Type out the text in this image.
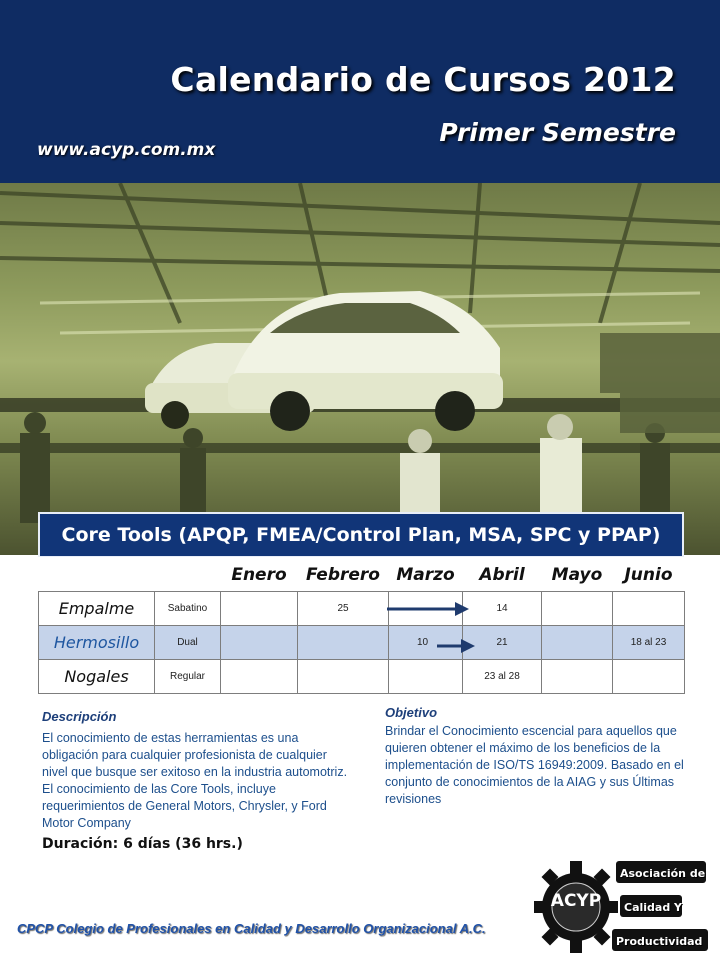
Calendario de Cursos 2012
Primer Semestre
www.acyp.com.mx
Core Tools (APQP, FMEA/Control Plan, MSA, SPC y PPAP)
		Enero	Febrero	Marzo	Abril	Mayo	Junio
Empalme	Sabatino		25		14		
Hermosillo	Dual			10	21		18 al 23
Nogales	Regular				23 al 28		
Descripción
El conocimiento de estas herramientas es una obligación para cualquier profesionista de cualquier nivel que busque ser exitoso en la industria automotriz. El conocimiento de las Core Tools, incluye requerimientos de General Motors, Chrysler, y Ford Motor Company
Duración: 6 días (36 hrs.)
Objetivo
Brindar el Conocimiento escencial para aquellos que quieren obtener el máximo de los beneficios de la implementación de ISO/TS 16949:2009. Basado en el conjunto de conocimientos de la AIAG y sus Últimas revisiones
CPCP Colegio de Profesionales en Calidad y Desarrollo Organizacional A.C.
ACYP
Asociación de
Calidad Y
Productividad
